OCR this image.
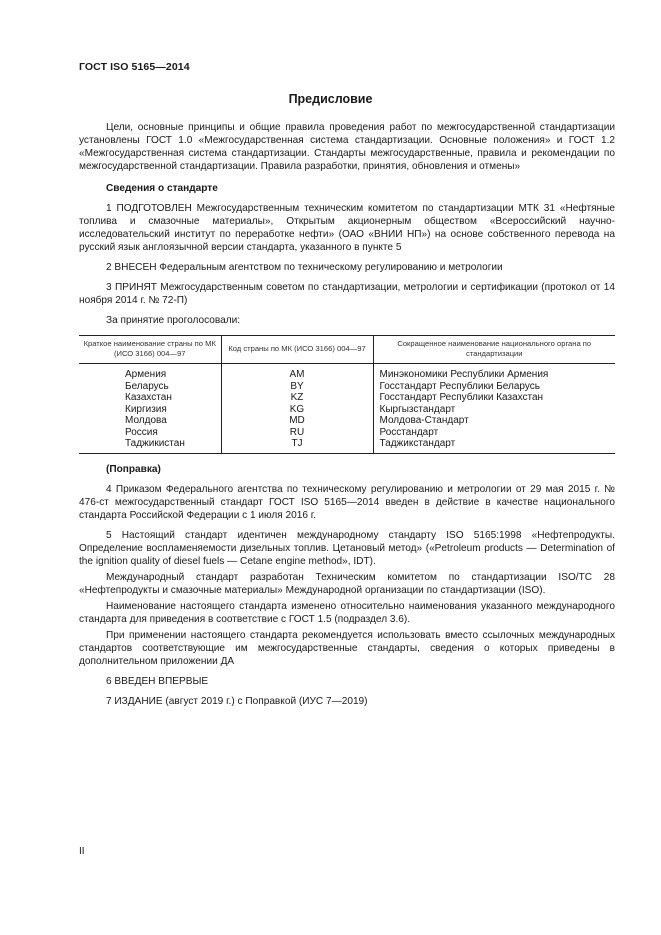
ГОСТ ISO 5165—2014
Предисловие

Цели, основные принципы и общие правила проведения работ по межгосударственной стандартизации установлены ГОСТ 1.0 «Межгосударственная система стандартизации. Основные положения» и ГОСТ 1.2 «Межгосударственная система стандартизации. Стандарты межгосударственные, правила и рекомендации по межгосударственной стандартизации. Правила разработки, принятия, обновления и отмены»

Сведения о стандарте

1 ПОДГОТОВЛЕН Межгосударственным техническим комитетом по стандартизации МТК 31 «Нефтяные топлива и смазочные материалы», Открытым акционерным обществом «Всероссийский научно-исследовательский институт по переработке нефти» (ОАО «ВНИИ НП») на основе собственного перевода на русский язык англоязычной версии стандарта, указанного в пункте 5

2 ВНЕСЕН Федеральным агентством по техническому регулированию и метрологии

3 ПРИНЯТ Межгосударственным советом по стандартизации, метрологии и сертификации (протокол от 14 ноября 2014 г. № 72-П)

За принятие проголосовали:

Краткое наименование страны по МК (ИСО 3166) 004—97	Код страны по МК (ИСО 3166) 004—97	Сокращенное наименование национального органа по стандартизации
Армения	AM	Минэкономики Республики Армения
Беларусь	BY	Госстандарт Республики Беларусь
Казахстан	KZ	Госстандарт Республики Казахстан
Киргизия	KG	Кыргызстандарт
Молдова	MD	Молдова-Стандарт
Россия	RU	Росстандарт
Таджикистан	TJ	Таджикстандарт
(Поправка)

4 Приказом Федерального агентства по техническому регулированию и метрологии от 29 мая 2015 г. № 476-ст межгосударственный стандарт ГОСТ ISO 5165—2014 введен в действие в качестве национального стандарта Российской Федерации с 1 июля 2016 г.

5 Настоящий стандарт идентичен международному стандарту ISO 5165:1998 «Нефтепродукты. Определение воспламеняемости дизельных топлив. Цетановый метод» («Petroleum products — Determination of the ignition quality of diesel fuels — Cetane engine method», IDT).

Международный стандарт разработан Техническим комитетом по стандартизации ISO/TC 28 «Нефтепродукты и смазочные материалы» Международной организации по стандартизации (ISO).

Наименование настоящего стандарта изменено относительно наименования указанного международного стандарта для приведения в соответствие с ГОСТ 1.5 (подраздел 3.6).

При применении настоящего стандарта рекомендуется использовать вместо ссылочных международных стандартов соответствующие им межгосударственные стандарты, сведения о которых приведены в дополнительном приложении ДА

6 ВВЕДЕН ВПЕРВЫЕ

7 ИЗДАНИЕ (август 2019 г.) с Поправкой (ИУС 7—2019)

II
